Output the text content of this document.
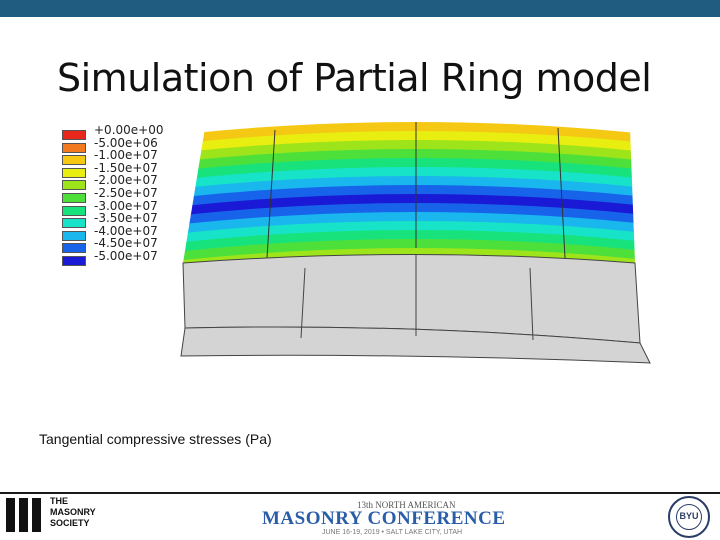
Simulation of Partial Ring model
+0.00e+00
-5.00e+06
-1.00e+07
-1.50e+07
-2.00e+07
-2.50e+07
-3.00e+07
-3.50e+07
-4.00e+07
-4.50e+07
-5.00e+07
Tangential compressive stresses (Pa)
THE
MASONRY
SOCIETY
13th NORTH AMERICAN
MASONRY CONFERENCE
JUNE 16-19, 2019 • SALT LAKE CITY, UTAH
BYU
